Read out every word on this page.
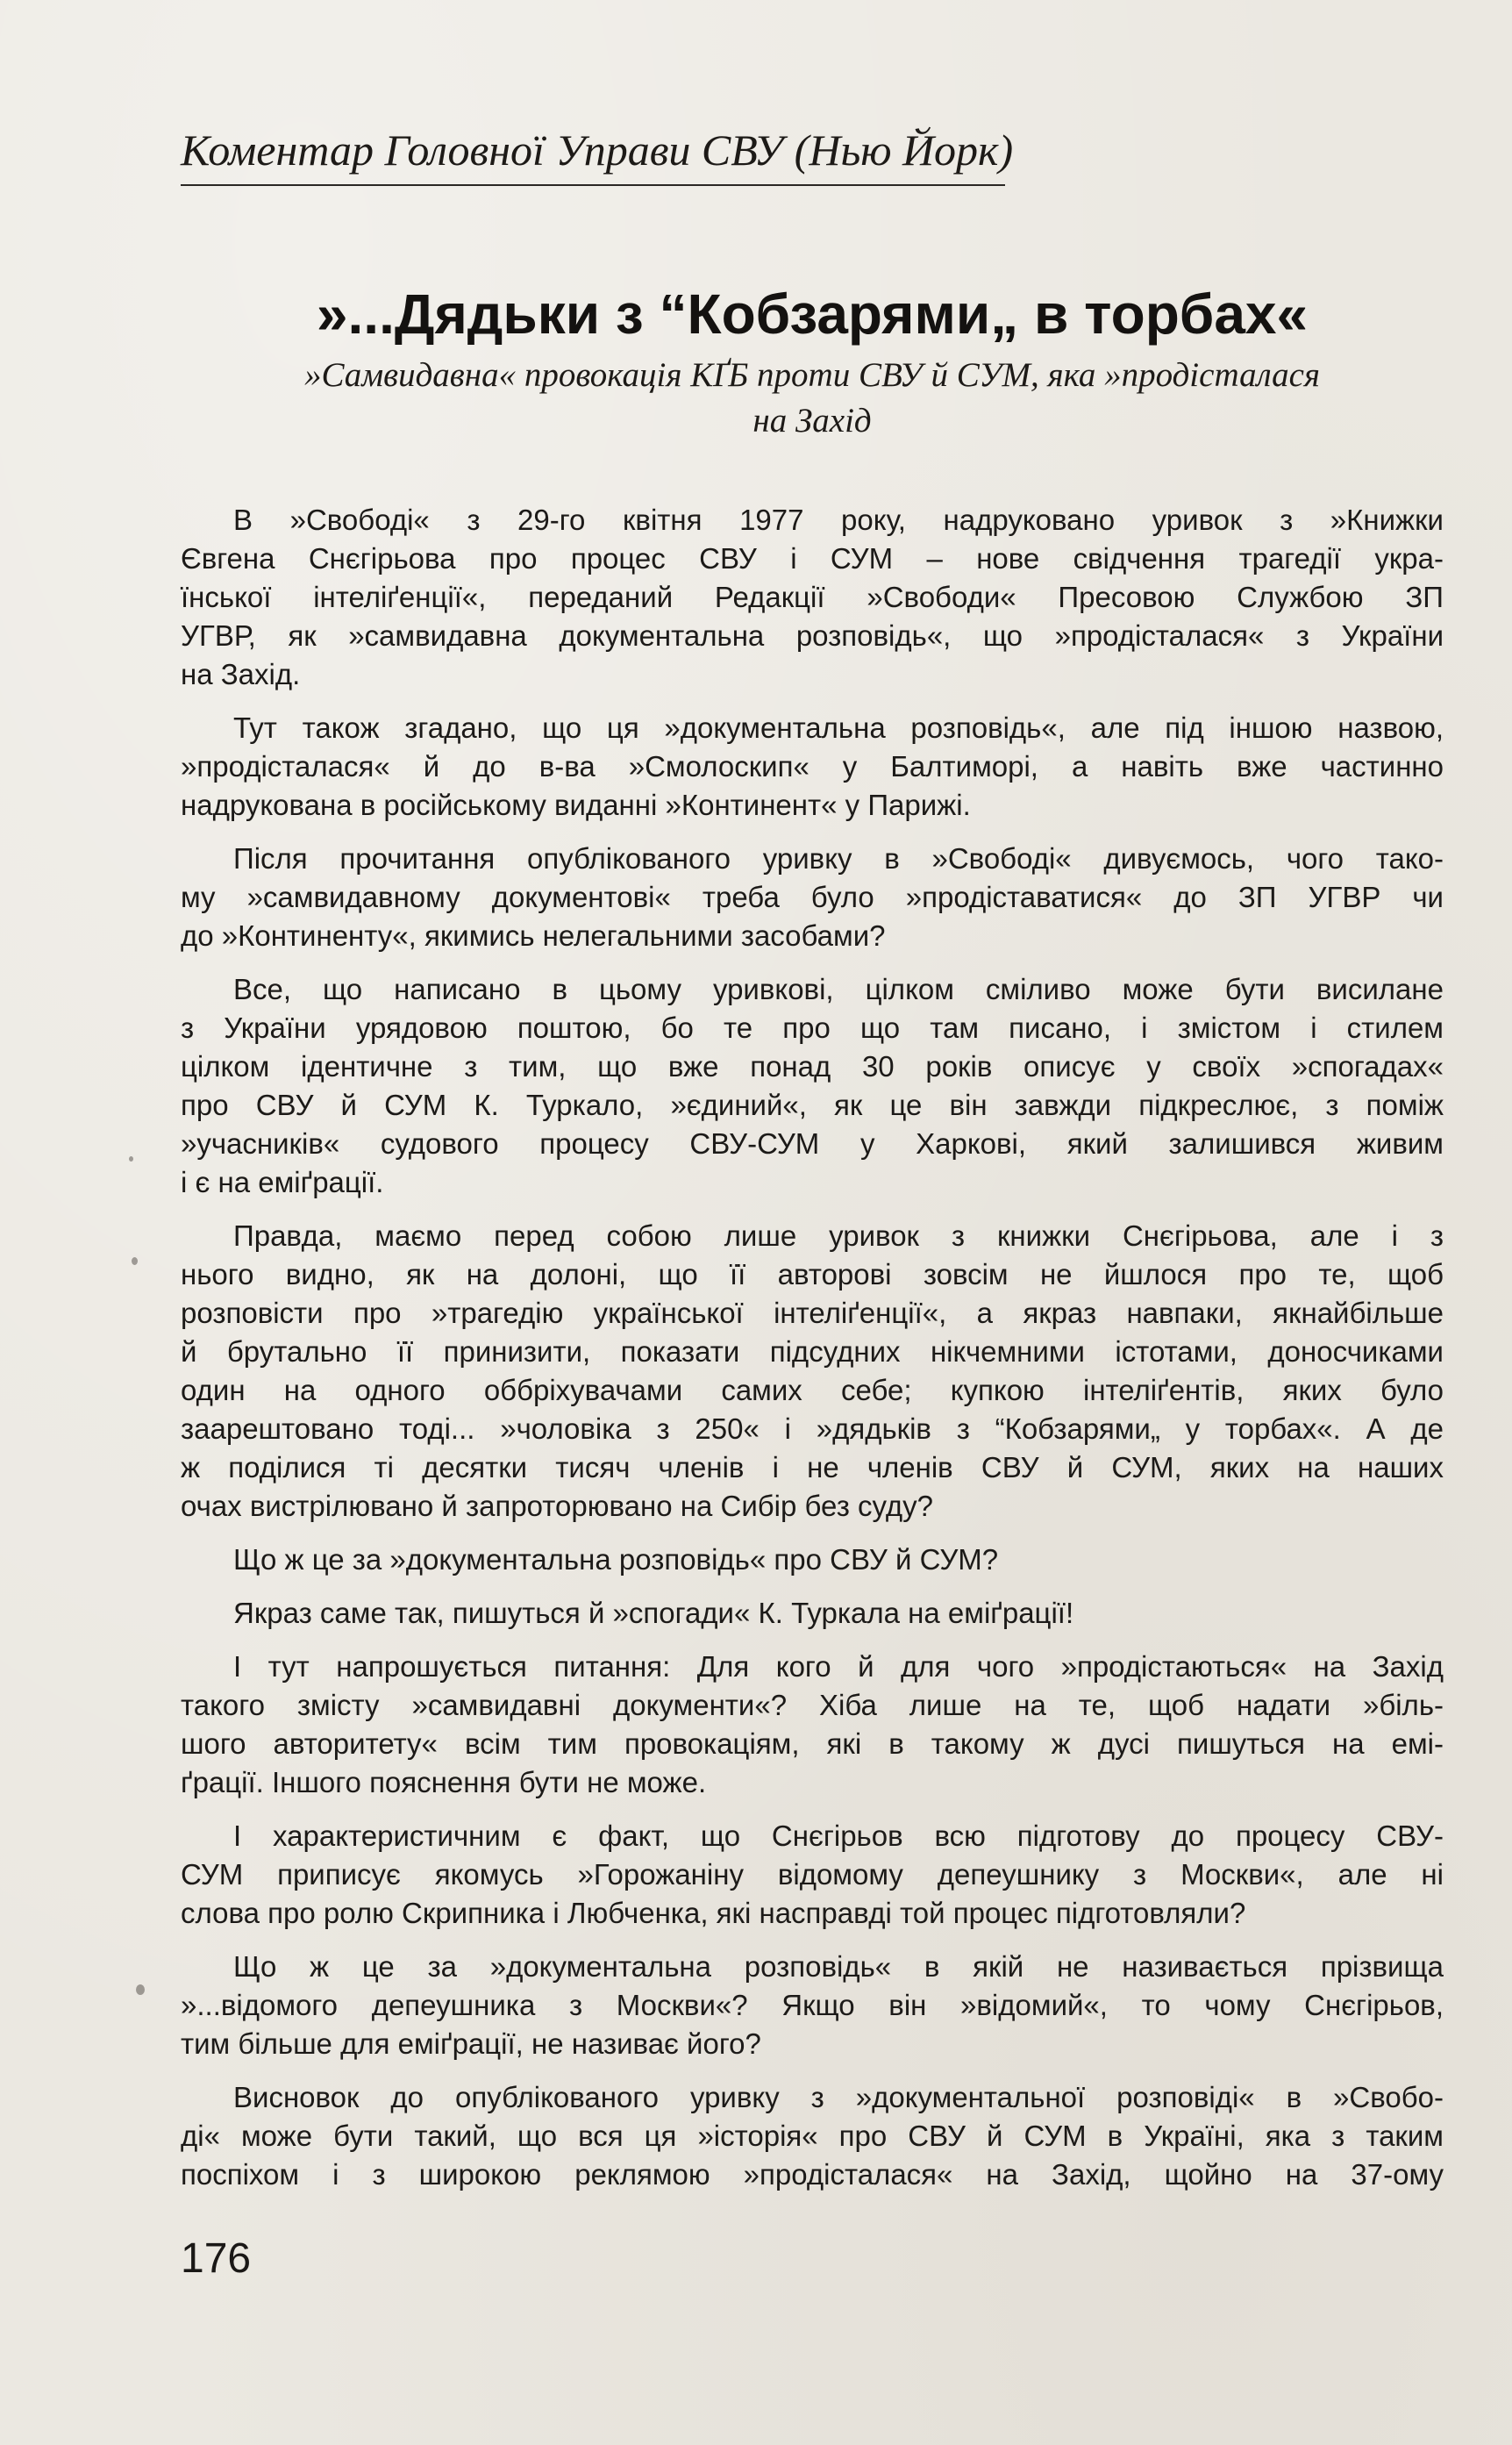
Коментар Головної Управи СВУ (Нью Йорк)
»...Дядьки з “Кобзарями„ в торбах«
»Самвидавна« провокація КҐБ проти СВУ й СУМ, яка »продісталася
на Захід
В »Свободі« з 29-го квітня 1977 року, надруковано уривок з »Книжки
Євгена Снєгірьова про процес СВУ і СУМ – нове свідчення трагедії укра-
їнської інтеліґенції«, переданий Редакції »Свободи« Пресовою Службою ЗП
УГВР, як »самвидавна документальна розповідь«, що »продісталася« з України
на Захід.
Тут також згадано, що ця »документальна розповідь«, але під іншою назвою,
»продісталася« й до в-ва »Смолоскип« у Балтиморі, а навіть вже частинно
надрукована в російському виданні »Континент« у Парижі.
Після прочитання опублікованого уривку в »Свободі« дивуємось, чого тако-
му »самвидавному документові« треба було »продіставатися« до ЗП УГВР чи
до »Континенту«, якимись нелегальними засобами?
Все, що написано в цьому уривкові, цілком сміливо може бути висилане
з України урядовою поштою, бо те про що там писано, і змістом і стилем
цілком ідентичне з тим, що вже понад 30 років описує у своїх »спогадах«
про СВУ й СУМ К. Туркало, »єдиний«, як це він завжди підкреслює, з поміж
»учасників« судового процесу СВУ-СУМ у Харкові, який залишився живим
і є на еміґрації.
Правда, маємо перед собою лише уривок з книжки Снєгірьова, але і з
нього видно, як на долоні, що її авторові зовсім не йшлося про те, щоб
розповісти про »трагедію української інтеліґенції«, а якраз навпаки, якнайбільше
й брутально її принизити, показати підсудних нікчемними істотами, доносчиками
один на одного оббріхувачами самих себе; купкою інтеліґентів, яких було
заарештовано тоді... »чоловіка з 250« і »дядьків з “Кобзарями„ у торбах«. А де
ж поділися ті десятки тисяч членів і не членів СВУ й СУМ, яких на наших
очах вистрілювано й запроторювано на Сибір без суду?
Що ж це за »документальна розповідь« про СВУ й СУМ?
Якраз саме так, пишуться й »спогади« К. Туркала на еміґрації!
І тут напрошується питання: Для кого й для чого »продістаються« на Захід
такого змісту »самвидавні документи«? Хіба лише на те, щоб надати »біль-
шого авторитету« всім тим провокаціям, які в такому ж дусі пишуться на емі-
ґрації. Іншого пояснення бути не може.
І характеристичним є факт, що Снєгірьов всю підготову до процесу СВУ-
СУМ приписує якомусь »Горожаніну відомому депеушнику з Москви«, але ні
слова про ролю Скрипника і Любченка, які насправді той процес підготовляли?
Що ж це за »документальна розповідь« в якій не називається прізвища
»...відомого депеушника з Москви«? Якщо він »відомий«, то чому Снєгірьов,
тим більше для еміґрації, не називає його?
Висновок до опублікованого уривку з »документальної розповіді« в »Свобо-
ді« може бути такий, що вся ця »історія« про СВУ й СУМ в Україні, яка з таким
поспіхом і з широкою реклямою »продісталася« на Захід, щойно на 37-ому
176
